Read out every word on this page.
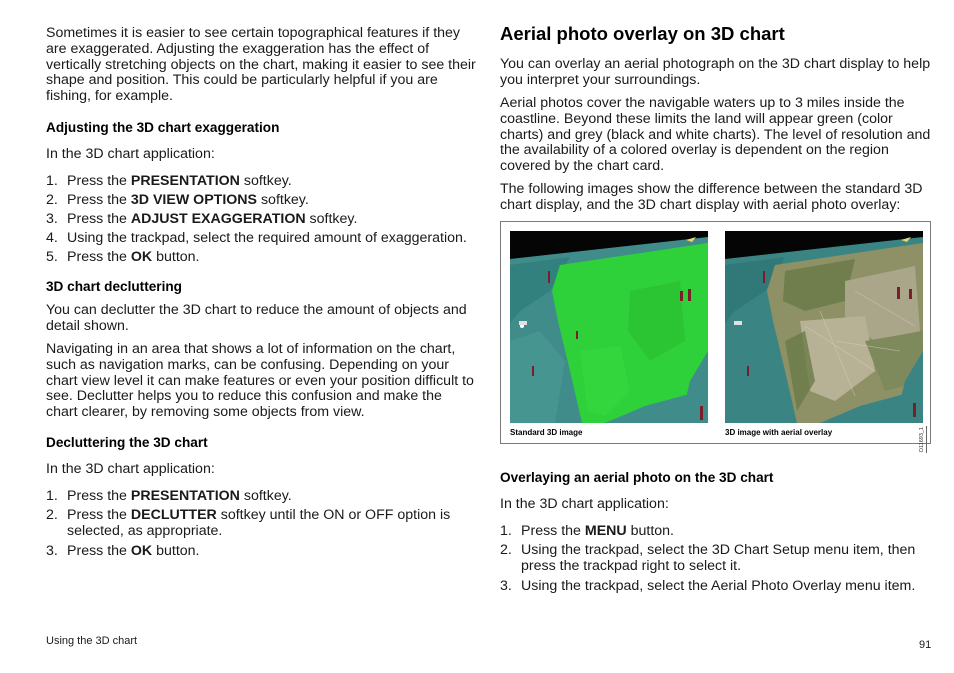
Sometimes it is easier to see certain topographical features if they are exaggerated. Adjusting the exaggeration has the effect of vertically stretching objects on the chart, making it easier to see their shape and position. This could be particularly helpful if you are fishing, for example.

Adjusting the 3D chart exaggeration

In the 3D chart application:

1. Press the PRESENTATION softkey.
2. Press the 3D VIEW OPTIONS softkey.
3. Press the ADJUST EXAGGERATION softkey.
4. Using the trackpad, select the required amount of exaggeration.
5. Press the OK button.
3D chart decluttering

You can declutter the 3D chart to reduce the amount of objects and detail shown.

Navigating in an area that shows a lot of information on the chart, such as navigation marks, can be confusing. Depending on your chart view level it can make features or even your position difficult to see. Declutter helps you to reduce this confusion and make the chart clearer, by removing some objects from view.

Decluttering the 3D chart

In the 3D chart application:

1. Press the PRESENTATION softkey.
2. Press the DECLUTTER softkey until the ON or OFF option is selected, as appropriate.
3. Press the OK button.
Aerial photo overlay on 3D chart

You can overlay an aerial photograph on the 3D chart display to help you interpret your surroundings.

Aerial photos cover the navigable waters up to 3 miles inside the coastline. Beyond these limits the land will appear green (color charts) and grey (black and white charts). The level of resolution and the availability of a colored overlay is dependent on the region covered by the chart card.

The following images show the difference between the standard 3D chart display, and the 3D chart display with aerial photo overlay:

Standard 3D image	3D image with aerial overlay	D11693_1
Overlaying an aerial photo on the 3D chart

In the 3D chart application:

1. Press the MENU button.
2. Using the trackpad, select the 3D Chart Setup menu item, then press the trackpad right to select it.
3. Using the trackpad, select the Aerial Photo Overlay menu item.
Using the 3D chart	91
